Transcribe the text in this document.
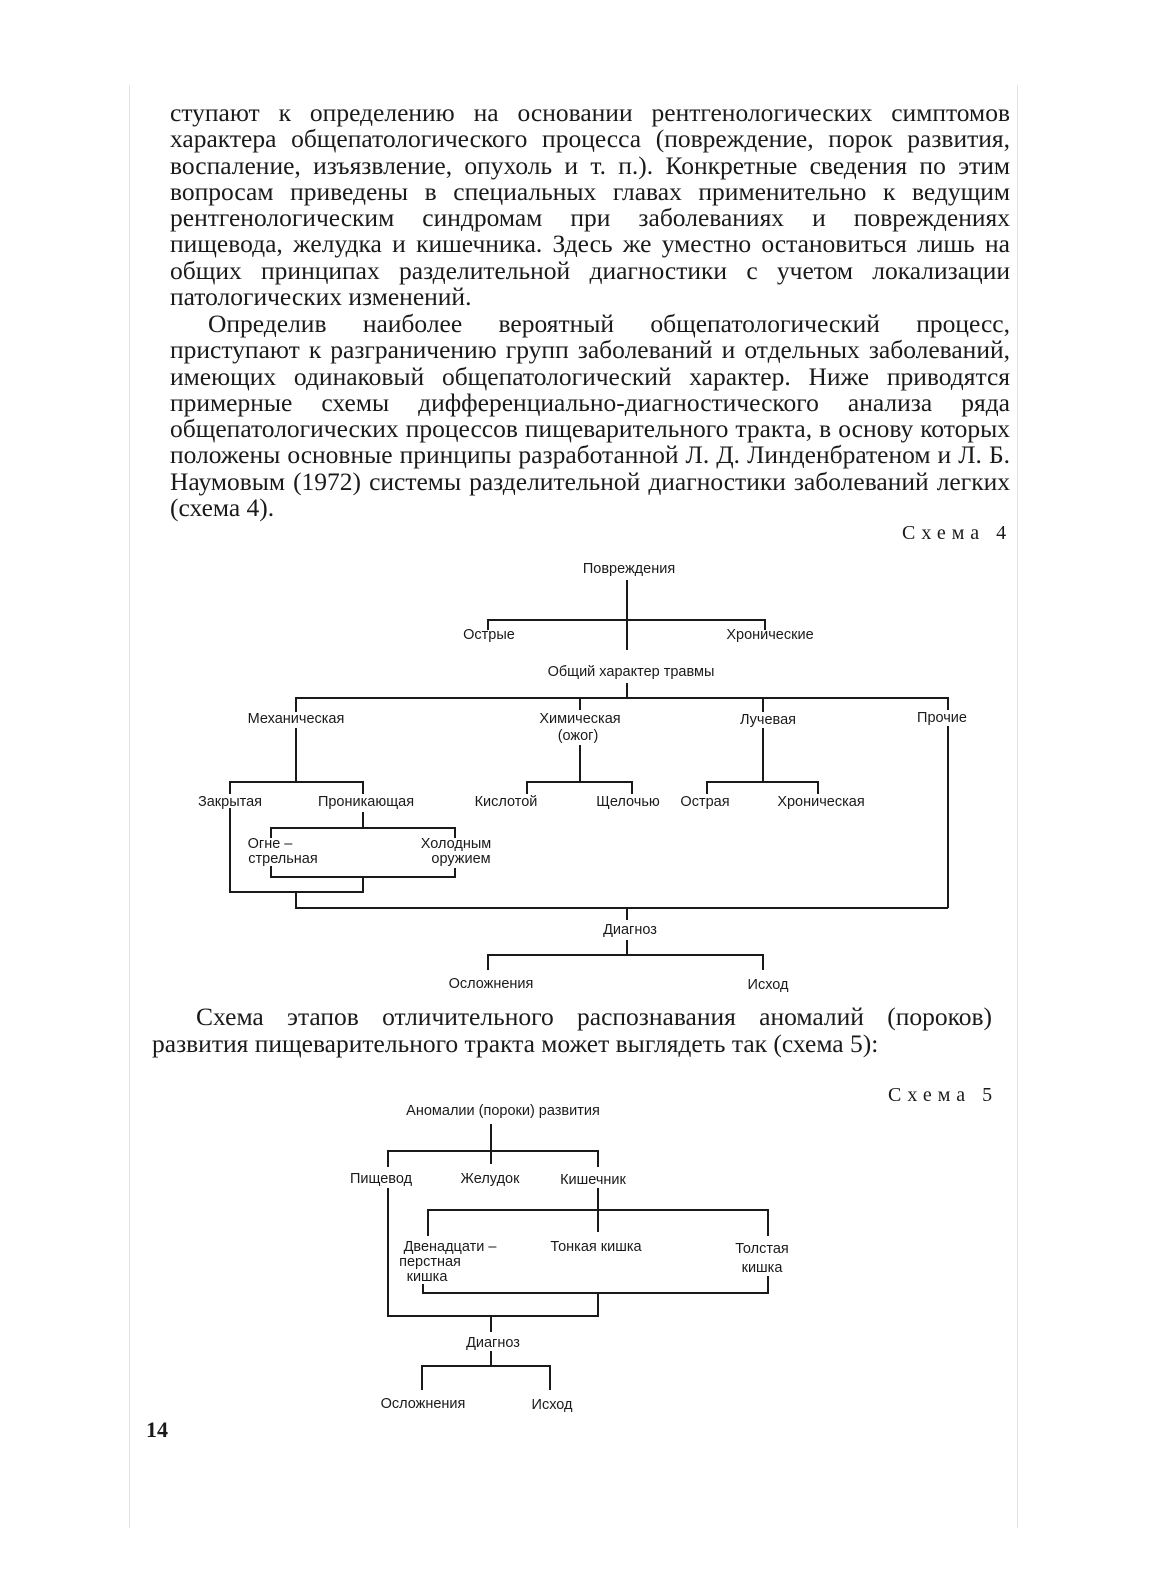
ступают к определению на основании рентгенологических симптомов характера общепатологического процесса (повреждение, порок развития, воспаление, изъязвление, опухоль и т. п.). Конкретные сведения по этим вопросам приведены в специальных главах применительно к ведущим рентгенологическим синдромам при заболеваниях и повреждениях пищевода, желудка и кишечника. Здесь же уместно остановиться лишь на общих принципах разделительной диагностики с учетом локализации патологических изменений.

Определив наиболее вероятный общепатологический процесс, приступают к разграничению групп заболеваний и отдельных заболеваний, имеющих одинаковый общепатологический характер. Ниже приводятся примерные схемы дифференциально-диагностического анализа ряда общепатологических процессов пищеварительного тракта, в основу которых положены основные принципы разработанной Л. Д. Линденбратеном и Л. Б. Наумовым (1972) системы разделительной диагностики заболеваний легких (схема 4).

Схема 4

Схема этапов отличительного распознавания аномалий (пороков) развития пищеварительного тракта может выглядеть так (схема 5):

Схема 5
14
Повреждения
Острые	Хронические
Общий характер травмы
Механическая	Химическая
(ожог)
Лучевая	Прочие
Закрытая	Проникающая	Кислотой	Щелочью Острая	Хроническая
Огне –
стрельная
Холодным
оружием
Диагноз
Осложнения	Исход
Аномалии (пороки) развития
Пищевод	Желудок	Кишечник
Двенадцати –
перстная
кишка
Тонкая кишка	Толстая
кишка
Диагноз
Осложнения	Исход
